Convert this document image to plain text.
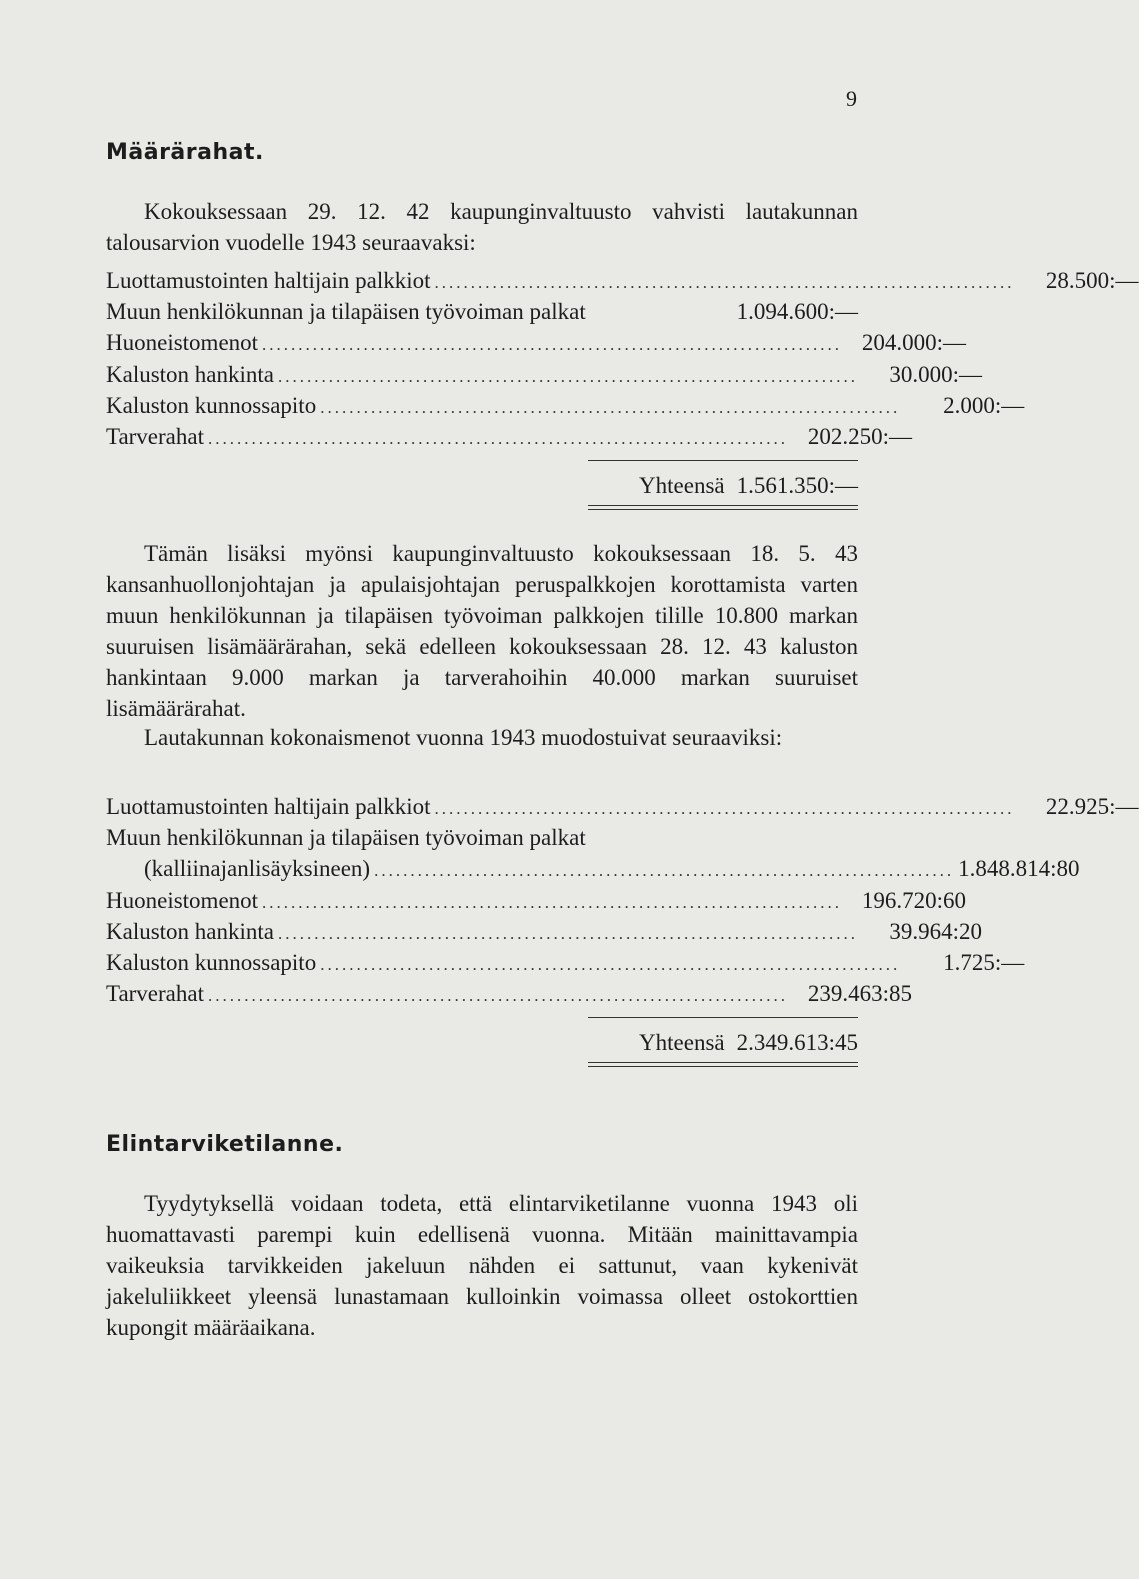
9
Määrärahat.

Kokouksessaan 29. 12. 42 kaupunginvaltuusto vahvisti lautakunnan talousarvion vuodelle 1943 seuraavaksi:

Luottamustointen haltijain palkkiot ................................................................................	28.500:—
Muun henkilökunnan ja tilapäisen työvoiman palkat	1.094.600:—
Huoneistomenot ................................................................................ 204.000:—
Kaluston hankinta ................................................................................	30.000:—
Kaluston kunnossapito ................................................................................	2.000:—
Tarverahat ................................................................................ 202.250:—
Yhteensä 1.561.350:—

Tämän lisäksi myönsi kaupunginvaltuusto kokouksessaan 18. 5. 43 kansanhuollonjohtajan ja apulaisjohtajan peruspalkkojen korottamista varten muun henkilökunnan ja tilapäisen työvoiman palkkojen tilille 10.800 markan suuruisen lisämäärärahan, sekä edelleen kokouksessaan 28. 12. 43 kaluston hankintaan 9.000 markan ja tarverahoihin 40.000 markan suuruiset lisämäärärahat.

Lautakunnan kokonaismenot vuonna 1943 muodostuivat seuraaviksi:

Luottamustointen haltijain palkkiot ................................................................................	22.925:—
Muun henkilökunnan ja tilapäisen työvoiman palkat
(kalliinajanlisäyksineen) ................................................................................ 1.848.814:80
Huoneistomenot ................................................................................ 196.720:60
Kaluston hankinta ................................................................................	39.964:20
Kaluston kunnossapito ................................................................................	1.725:—
Tarverahat ................................................................................ 239.463:85
Yhteensä 2.349.613:45
Elintarviketilanne.

Tyydytyksellä voidaan todeta, että elintarviketilanne vuonna 1943 oli huomattavasti parempi kuin edellisenä vuonna. Mitään mainittavampia vaikeuksia tarvikkeiden jakeluun nähden ei sattunut, vaan kykenivät jakeluliikkeet yleensä lunastamaan kulloinkin voimassa olleet ostokorttien kupongit määräaikana.
